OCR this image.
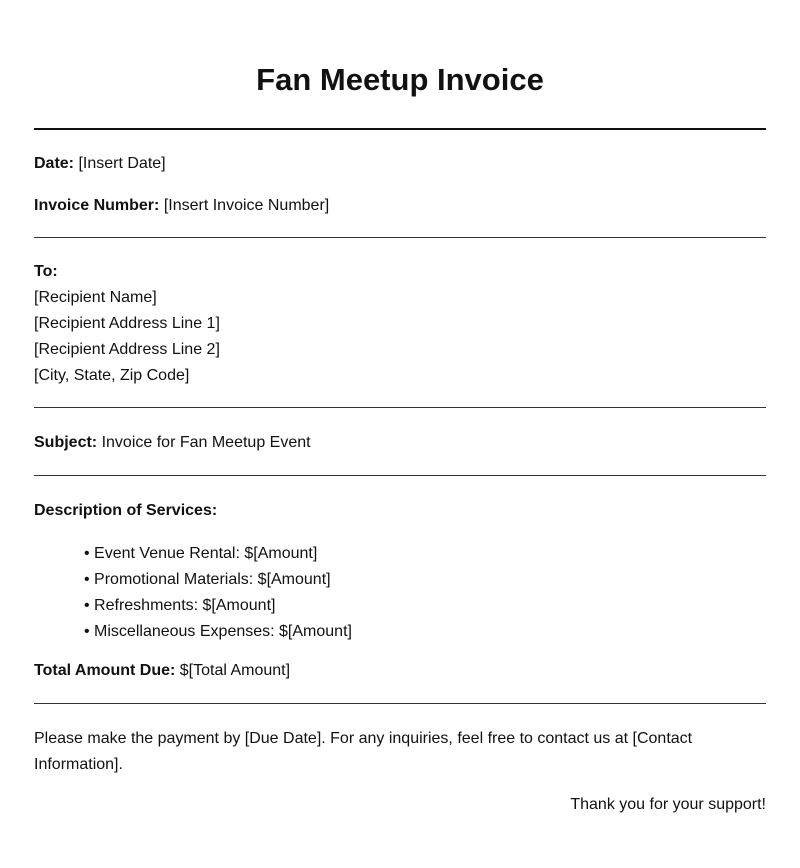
Fan Meetup Invoice
Date: [Insert Date]
Invoice Number: [Insert Invoice Number]
To:
[Recipient Name]
[Recipient Address Line 1]
[Recipient Address Line 2]
[City, State, Zip Code]
Subject: Invoice for Fan Meetup Event
Description of Services:
• Event Venue Rental: $[Amount]
• Promotional Materials: $[Amount]
• Refreshments: $[Amount]
• Miscellaneous Expenses: $[Amount]
Total Amount Due: $[Total Amount]

Please make the payment by [Due Date]. For any inquiries, feel free to contact us at [Contact Information].

Thank you for your support!
